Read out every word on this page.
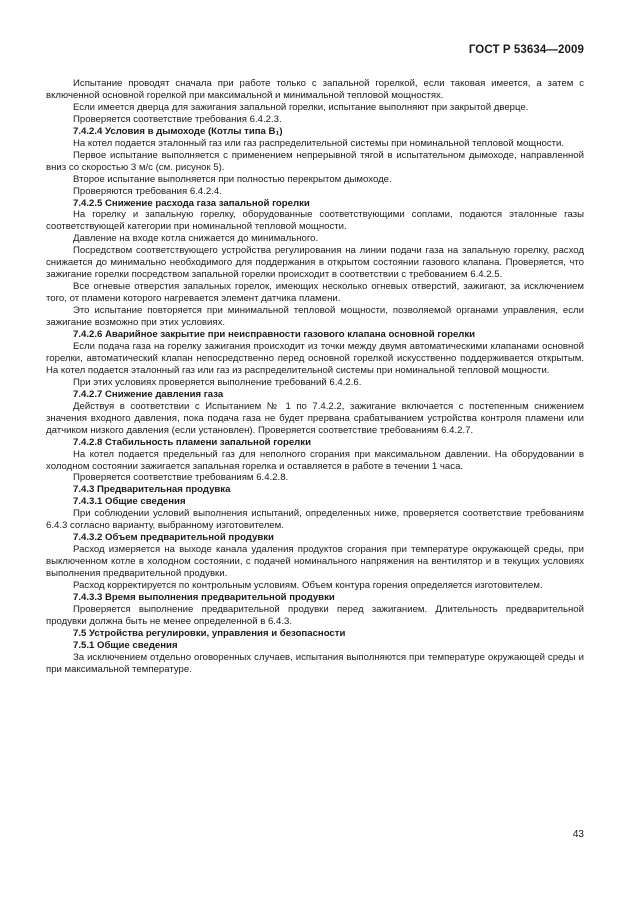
ГОСТ Р 53634—2009

Испытание проводят сначала при работе только с запальной горелкой, если таковая имеется, а затем с включенной основной горелкой при максимальной и минимальной тепловой мощностях.

Если имеется дверца для зажигания запальной горелки, испытание выполняют при закрытой дверце.

Проверяется соответствие требования 6.4.2.3.

7.4.2.4 Условия в дымоходе (Котлы типа B₁)

На котел подается эталонный газ или газ распределительной системы при номинальной тепловой мощности.

Первое испытание выполняется с применением непрерывной тягой в испытательном дымоходе, направленной вниз со скоростью 3 м/с (см. рисунок 5).

Второе испытание выполняется при полностью перекрытом дымоходе.

Проверяются требования 6.4.2.4.

7.4.2.5 Снижение расхода газа запальной горелки

На горелку и запальную горелку, оборудованные соответствующими соплами, подаются эталонные газы соответствующей категории при номинальной тепловой мощности.

Давление на входе котла снижается до минимального.

Посредством соответствующего устройства регулирования на линии подачи газа на запальную горелку, расход снижается до минимально необходимого для поддержания в открытом состоянии газового клапана. Проверяется, что зажигание горелки посредством запальной горелки происходит в соответствии с требованием 6.4.2.5.

Все огневые отверстия запальных горелок, имеющих несколько огневых отверстий, зажигают, за исключением того, от пламени которого нагревается элемент датчика пламени.

Это испытание повторяется при минимальной тепловой мощности, позволяемой органами управления, если зажигание возможно при этих условиях.

7.4.2.6 Аварийное закрытие при неисправности газового клапана основной горелки

Если подача газа на горелку зажигания происходит из точки между двумя автоматическими клапанами основной горелки, автоматический клапан непосредственно перед основной горелкой искусственно поддерживается открытым. На котел подается эталонный газ или газ из распределительной системы при номинальной тепловой мощности.

При этих условиях проверяется выполнение требований 6.4.2.6.

7.4.2.7 Снижение давления газа

Действуя в соответствии с Испытанием № 1 по 7.4.2.2, зажигание включается с постепенным снижением значения входного давления, пока подача газа не будет прервана срабатыванием устройства контроля пламени или датчиком низкого давления (если установлен). Проверяется соответствие требованиям 6.4.2.7.

7.4.2.8 Стабильность пламени запальной горелки

На котел подается предельный газ для неполного сгорания при максимальном давлении. На оборудовании в холодном состоянии зажигается запальная горелка и оставляется в работе в течении 1 часа.

Проверяется соответствие требованиям 6.4.2.8.

7.4.3 Предварительная продувка

7.4.3.1 Общие сведения

При соблюдении условий выполнения испытаний, определенных ниже, проверяется соответствие требованиям 6.4.3 согласно варианту, выбранному изготовителем.

7.4.3.2 Объем предварительной продувки

Расход измеряется на выходе канала удаления продуктов сгорания при температуре окружающей среды, при выключенном котле в холодном состоянии, с подачей номинального напряжения на вентилятор и в текущих условиях выполнения предварительной продувки.

Расход корректируется по контрольным условиям. Объем контура горения определяется изготовителем.

7.4.3.3 Время выполнения предварительной продувки

Проверяется выполнение предварительной продувки перед зажиганием. Длительность предварительной продувки должна быть не менее определенной в 6.4.3.

7.5 Устройства регулировки, управления и безопасности

7.5.1 Общие сведения

За исключением отдельно оговоренных случаев, испытания выполняются при температуре окружающей среды и при максимальной температуре.

43
